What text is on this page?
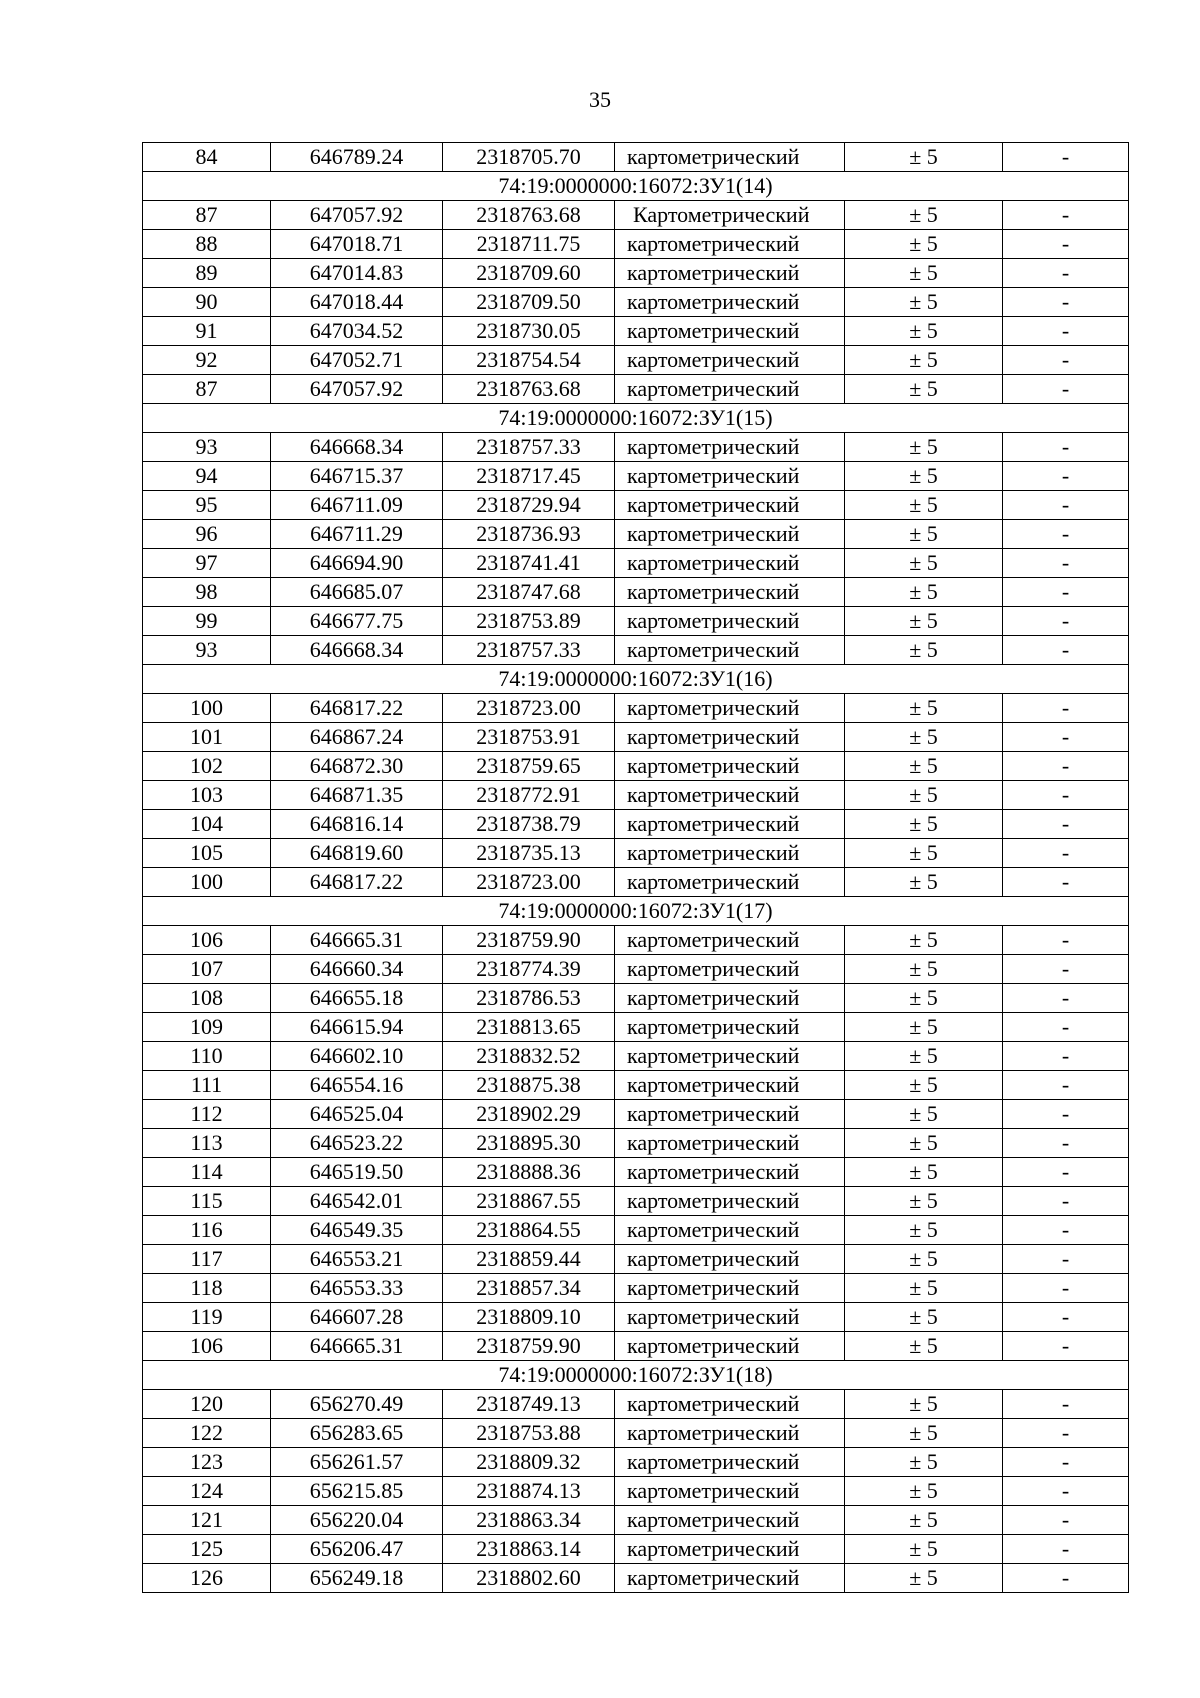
35
84	646789.24	2318705.70	картометрический	± 5	-
74:19:0000000:16072:ЗУ1(14)					
87	647057.92	2318763.68	Картометрический	± 5	-
88	647018.71	2318711.75	картометрический	± 5	-
89	647014.83	2318709.60	картометрический	± 5	-
90	647018.44	2318709.50	картометрический	± 5	-
91	647034.52	2318730.05	картометрический	± 5	-
92	647052.71	2318754.54	картометрический	± 5	-
87	647057.92	2318763.68	картометрический	± 5	-
74:19:0000000:16072:ЗУ1(15)					
93	646668.34	2318757.33	картометрический	± 5	-
94	646715.37	2318717.45	картометрический	± 5	-
95	646711.09	2318729.94	картометрический	± 5	-
96	646711.29	2318736.93	картометрический	± 5	-
97	646694.90	2318741.41	картометрический	± 5	-
98	646685.07	2318747.68	картометрический	± 5	-
99	646677.75	2318753.89	картометрический	± 5	-
93	646668.34	2318757.33	картометрический	± 5	-
74:19:0000000:16072:ЗУ1(16)					
100	646817.22	2318723.00	картометрический	± 5	-
101	646867.24	2318753.91	картометрический	± 5	-
102	646872.30	2318759.65	картометрический	± 5	-
103	646871.35	2318772.91	картометрический	± 5	-
104	646816.14	2318738.79	картометрический	± 5	-
105	646819.60	2318735.13	картометрический	± 5	-
100	646817.22	2318723.00	картометрический	± 5	-
74:19:0000000:16072:ЗУ1(17)					
106	646665.31	2318759.90	картометрический	± 5	-
107	646660.34	2318774.39	картометрический	± 5	-
108	646655.18	2318786.53	картометрический	± 5	-
109	646615.94	2318813.65	картометрический	± 5	-
110	646602.10	2318832.52	картометрический	± 5	-
111	646554.16	2318875.38	картометрический	± 5	-
112	646525.04	2318902.29	картометрический	± 5	-
113	646523.22	2318895.30	картометрический	± 5	-
114	646519.50	2318888.36	картометрический	± 5	-
115	646542.01	2318867.55	картометрический	± 5	-
116	646549.35	2318864.55	картометрический	± 5	-
117	646553.21	2318859.44	картометрический	± 5	-
118	646553.33	2318857.34	картометрический	± 5	-
119	646607.28	2318809.10	картометрический	± 5	-
106	646665.31	2318759.90	картометрический	± 5	-
74:19:0000000:16072:ЗУ1(18)					
120	656270.49	2318749.13	картометрический	± 5	-
122	656283.65	2318753.88	картометрический	± 5	-
123	656261.57	2318809.32	картометрический	± 5	-
124	656215.85	2318874.13	картометрический	± 5	-
121	656220.04	2318863.34	картометрический	± 5	-
125	656206.47	2318863.14	картометрический	± 5	-
126	656249.18	2318802.60	картометрический	± 5	-
